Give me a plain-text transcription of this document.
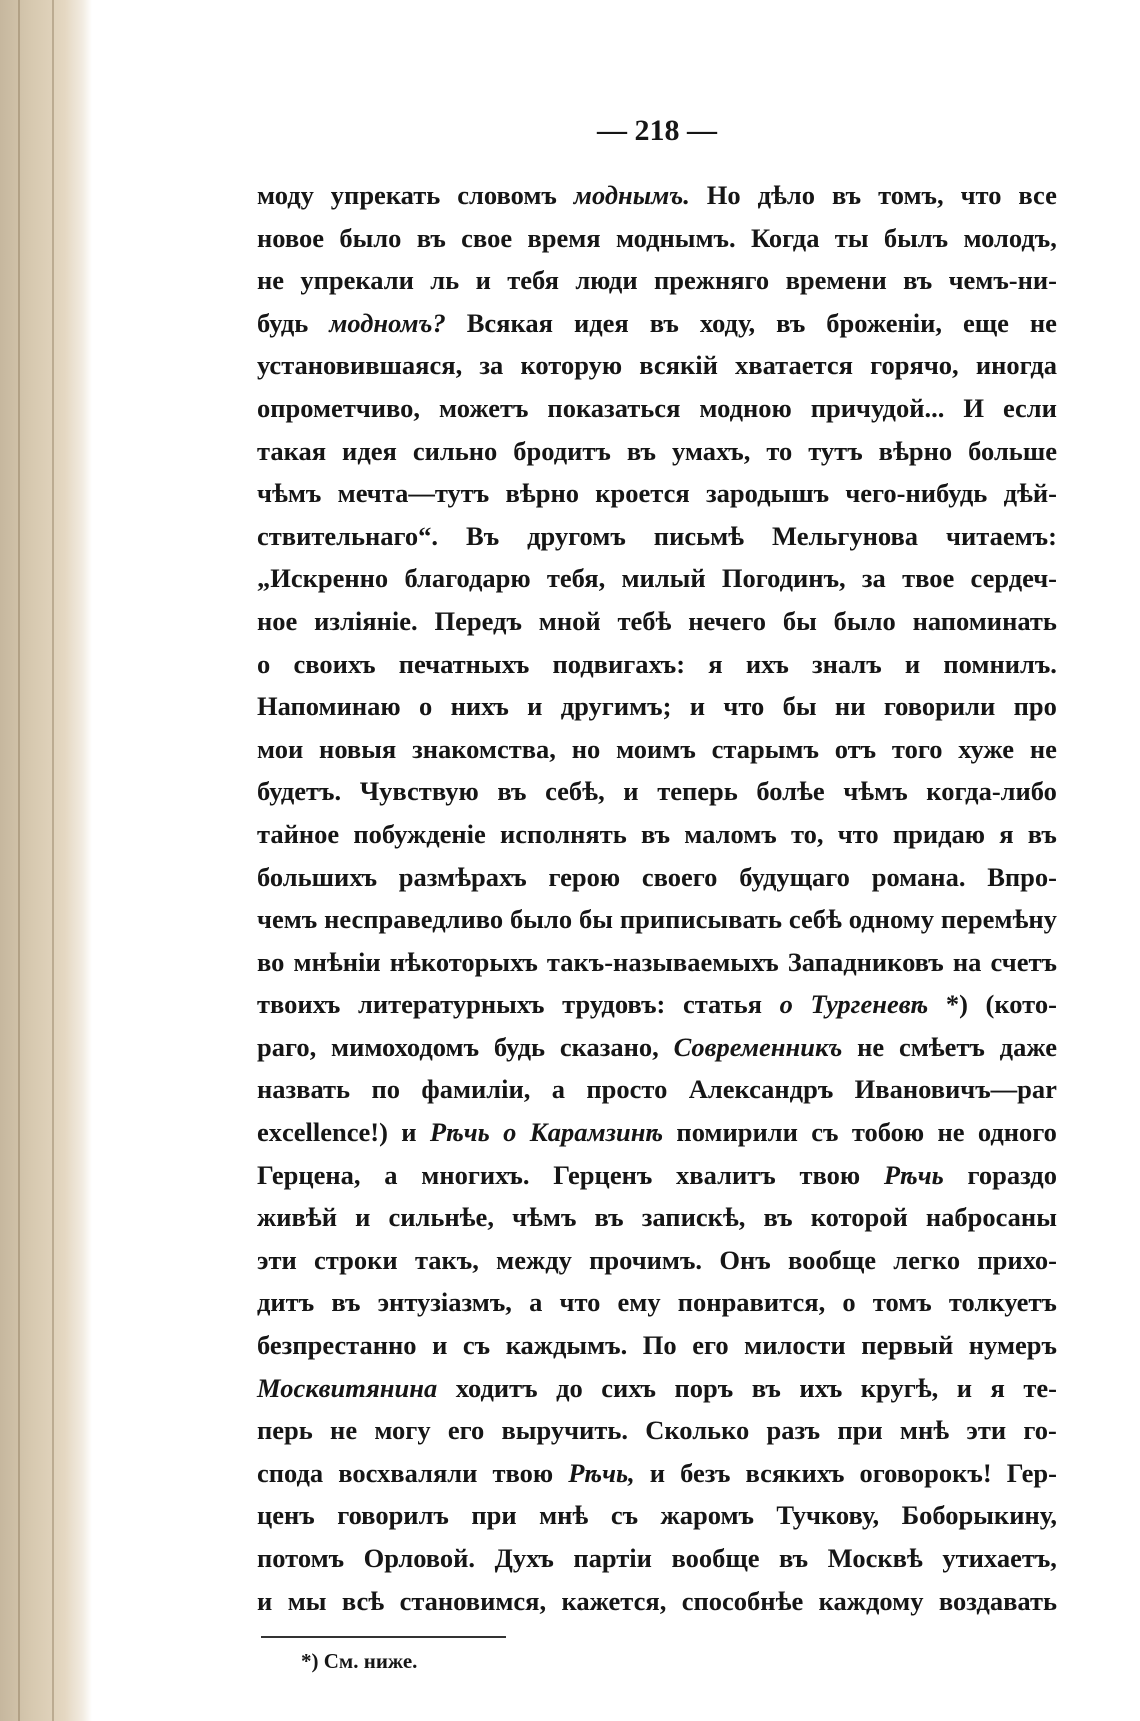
— 218 —
моду упрекать словомъ моднымъ. Но дѣло въ томъ, что все
новое было въ свое время моднымъ. Когда ты былъ молодъ,
не упрекали ль и тебя люди прежняго времени въ чемъ-ни-
будь модномъ? Всякая идея въ ходу, въ броженіи, еще не
установившаяся, за которую всякій хватается горячо, иногда
опрометчиво, можетъ показаться модною причудой... И если
такая идея сильно бродитъ въ умахъ, то тутъ вѣрно больше
чѣмъ мечта—тутъ вѣрно кроется зародышъ чего-нибудь дѣй-
ствительнаго“. Въ другомъ письмѣ Мельгунова читаемъ:
„Искренно благодарю тебя, милый Погодинъ, за твое сердеч-
ное изліяніе. Передъ мной тебѣ нечего бы было напоминать
о своихъ печатныхъ подвигахъ: я ихъ зналъ и помнилъ.
Напоминаю о нихъ и другимъ; и что бы ни говорили про
мои новыя знакомства, но моимъ старымъ отъ того хуже не
будетъ. Чувствую въ себѣ, и теперь болѣе чѣмъ когда-либо
тайное побужденіе исполнять въ маломъ то, что придаю я въ
большихъ размѣрахъ герою своего будущаго романа. Впро-
чемъ несправедливо было бы приписывать себѣ одному перемѣну
во мнѣніи нѣкоторыхъ такъ-называемыхъ Западниковъ на счетъ
твоихъ литературныхъ трудовъ: статья о Тургеневѣ *) (кото-
раго, мимоходомъ будь сказано, Современникъ не смѣетъ даже
назвать по фамиліи, а просто Александръ Ивановичъ—par
excellence!) и Рѣчь о Карамзинѣ помирили съ тобою не одного
Герцена, а многихъ. Герценъ хвалитъ твою Рѣчь гораздо
живѣй и сильнѣе, чѣмъ въ запискѣ, въ которой набросаны
эти строки такъ, между прочимъ. Онъ вообще легко прихо-
дитъ въ энтузіазмъ, а что ему понравится, о томъ толкуетъ
безпрестанно и съ каждымъ. По его милости первый нумеръ
Москвитянина ходитъ до сихъ поръ въ ихъ кругѣ, и я те-
перь не могу его выручить. Сколько разъ при мнѣ эти го-
спода восхваляли твою Рѣчь, и безъ всякихъ оговорокъ! Гер-
ценъ говорилъ при мнѣ съ жаромъ Тучкову, Боборыкину,
потомъ Орловой. Духъ партіи вообще въ Москвѣ утихаетъ,
и мы всѣ становимся, кажется, способнѣе каждому воздавать
*) См. ниже.
